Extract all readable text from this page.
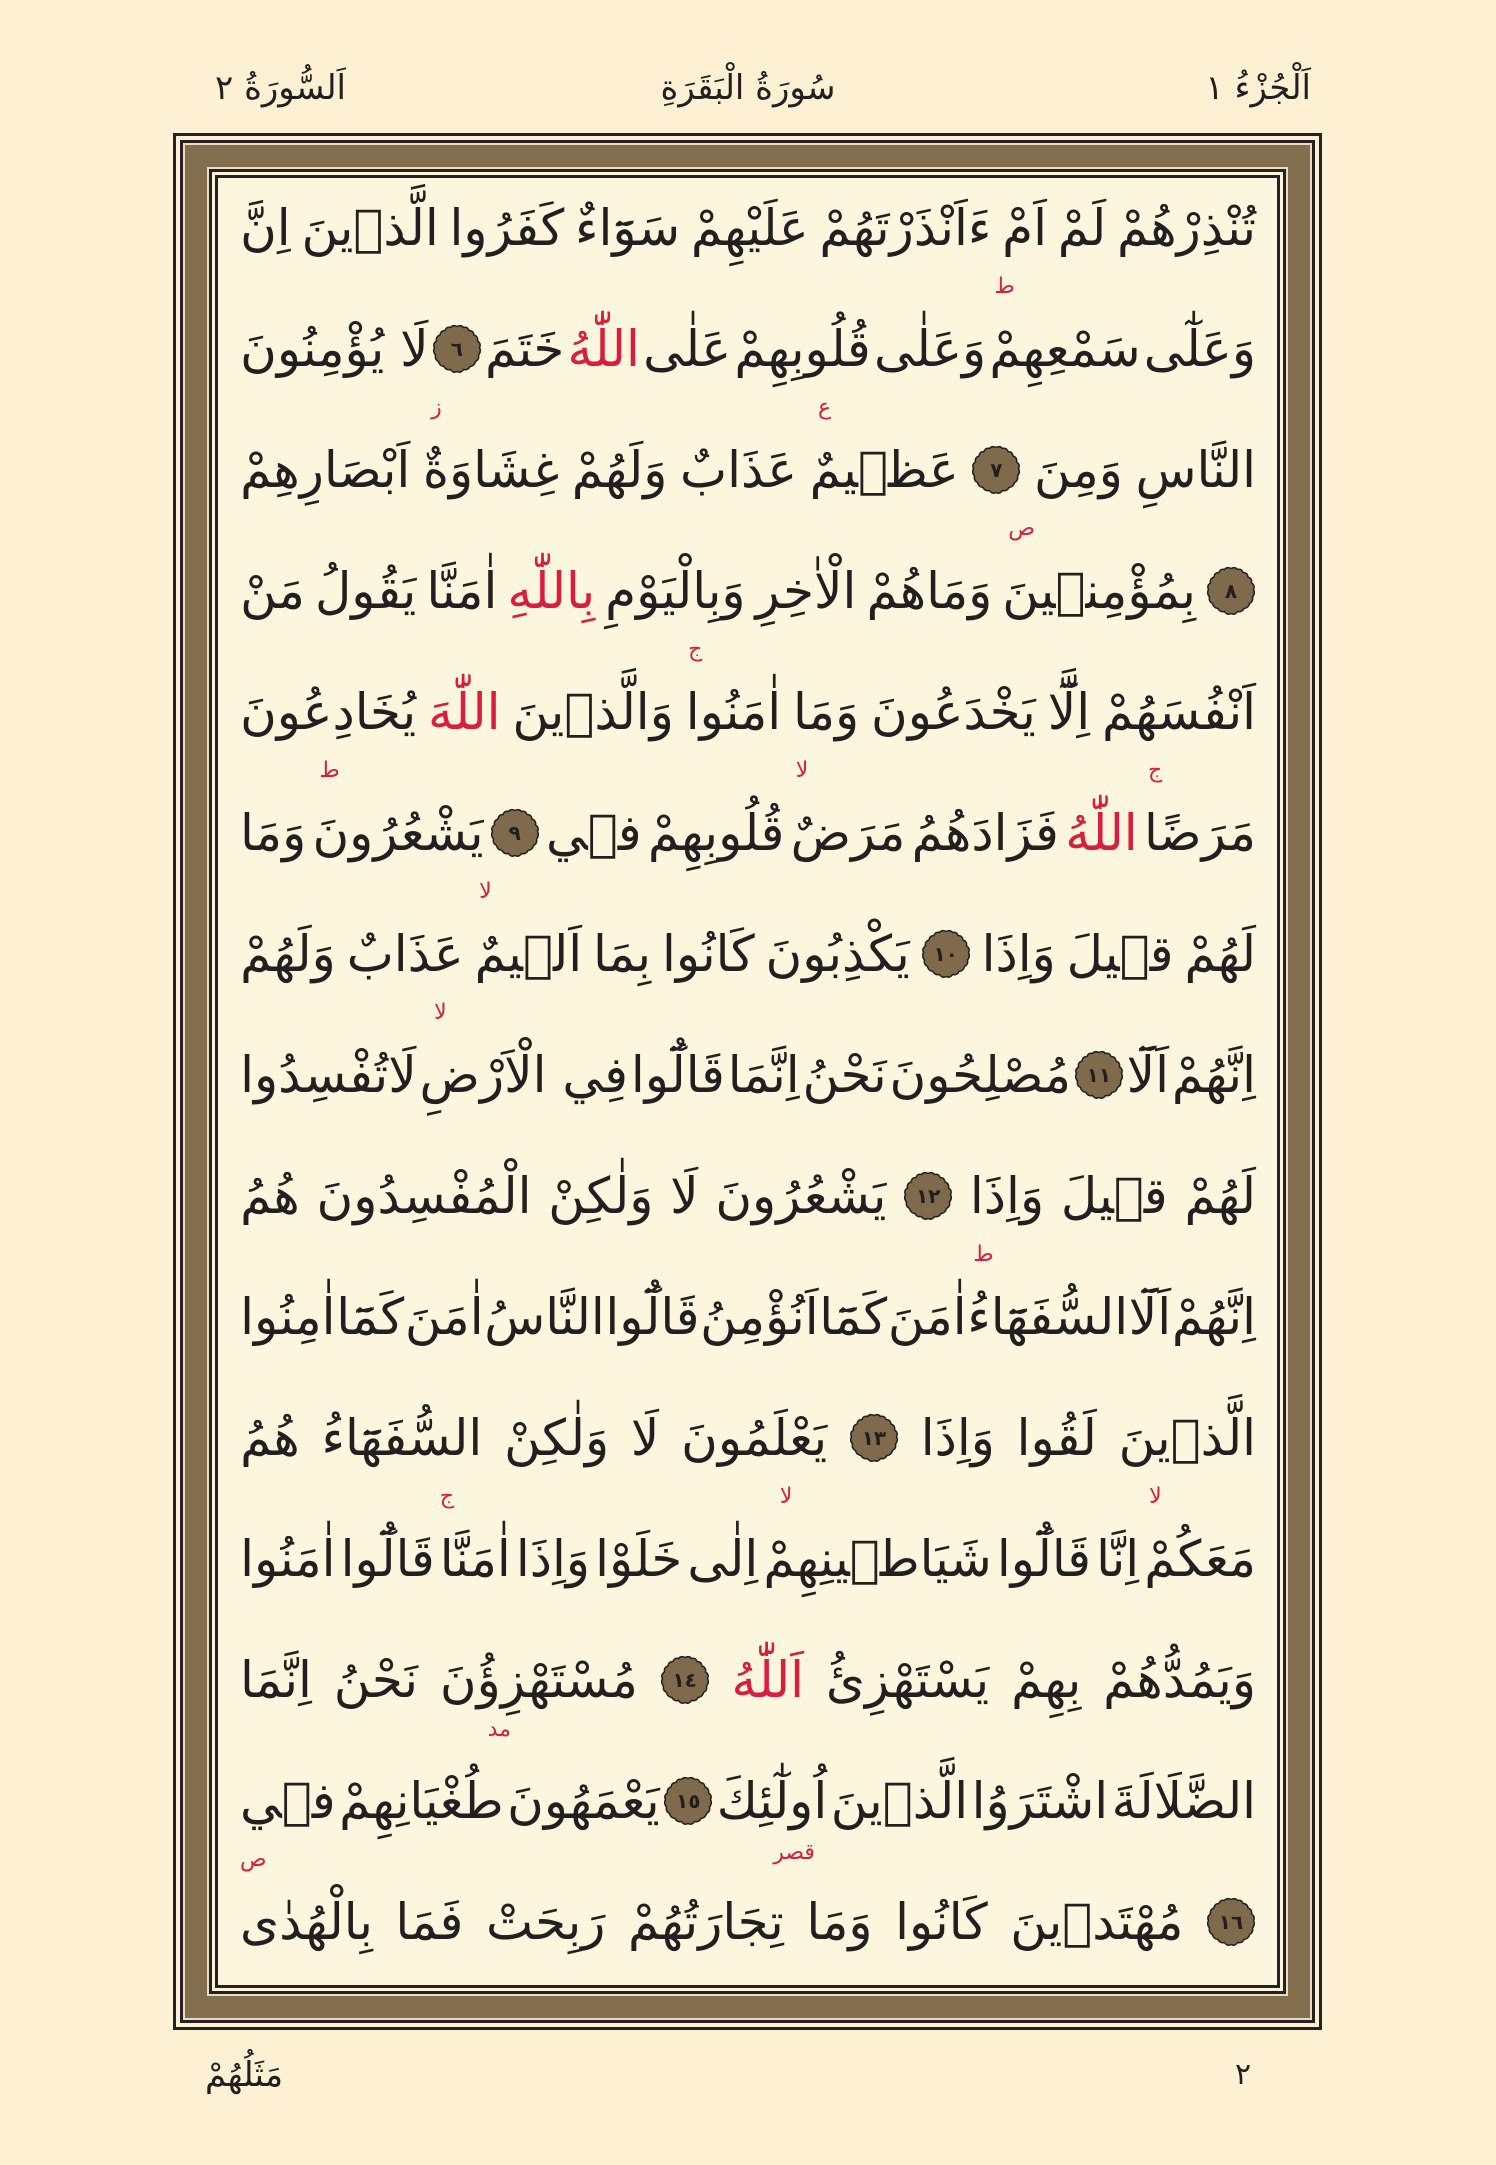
اَلْجُزْءُ ١
سُورَةُ الْبَقَرَةِ
اَلسُّورَةُ ٢
اِنَّ الَّذ۪ينَ كَفَرُوا سَوَٓاءٌ عَلَيْهِمْ ءَاَنْذَرْتَهُمْ اَمْ لَمْ تُنْذِرْهُمْ
لَا يُؤْمِنُونَ	٦ خَتَمَ اللّٰهُ عَلٰى قُلُوبِهِمْ وَعَلٰى سَمْعِهِمْ
ط
وَعَلٰٓى
اَبْصَارِهِمْ غِشَاوَةٌ
ز
وَلَهُمْ عَذَابٌ عَظ۪يمٌ
ع
٧ وَمِنَ النَّاسِ
مَنْ يَقُولُ اٰمَنَّا بِاللّٰهِ وَبِالْيَوْمِ الْاٰخِرِ وَمَاهُمْ بِمُؤْمِن۪ينَ
ص
٨
يُخَادِعُونَ اللّٰهَ وَالَّذ۪ينَ اٰمَنُوا
ج
وَمَا يَخْدَعُونَ اِلَّٓا اَنْفُسَهُمْ
وَمَا يَشْعُرُونَ
ط
٩ ف۪ي قُلُوبِهِمْ مَرَضٌ
لا
فَزَادَهُمُ اللّٰهُ مَرَضًا
ج
وَلَهُمْ عَذَابٌ اَل۪يمٌ
لا
بِمَا كَانُوا يَكْذِبُونَ	١٠ وَاِذَا ق۪يلَ لَهُمْ
لَاتُفْسِدُوا فِي الْاَرْضِ
لا
قَالُٓوا اِنَّمَا نَحْنُ مُصْلِحُونَ ١١ اَلَٓا اِنَّهُمْ
هُمُ الْمُفْسِدُونَ وَلٰكِنْ لَا يَشْعُرُونَ	١٢ وَاِذَا ق۪يلَ لَهُمْ
اٰمِنُوا كَمَٓا اٰمَنَ النَّاسُ قَالُٓوا اَنُؤْمِنُ كَمَٓا اٰمَنَ السُّفَهَٓاءُ
ط
اَلَٓا اِنَّهُمْ
هُمُ السُّفَهَٓاءُ وَلٰكِنْ لَا يَعْلَمُونَ	١٣ وَاِذَا لَقُوا الَّذ۪ينَ
اٰمَنُوا قَالُٓوا اٰمَنَّا
ج
وَاِذَا خَلَوْا اِلٰى شَيَاط۪ينِهِمْ
لا
قَالُٓوا اِنَّا مَعَكُمْ
لا
اِنَّمَا نَحْنُ مُسْتَهْزِؤُنَ
مد
١٤ اَللّٰهُ يَسْتَهْزِئُ بِهِمْ وَيَمُدُّهُمْ
ف۪ي طُغْيَانِهِمْ يَعْمَهُونَ ١٥ اُولٰٓئِكَ
قصر
الَّذ۪ينَ اشْتَرَوُا الضَّلَالَةَ
بِالْهُدٰى
ص
فَمَا رَبِحَتْ تِجَارَتُهُمْ وَمَا كَانُوا مُهْتَد۪ينَ	١٦
مَثَلُهُمْ	٢
